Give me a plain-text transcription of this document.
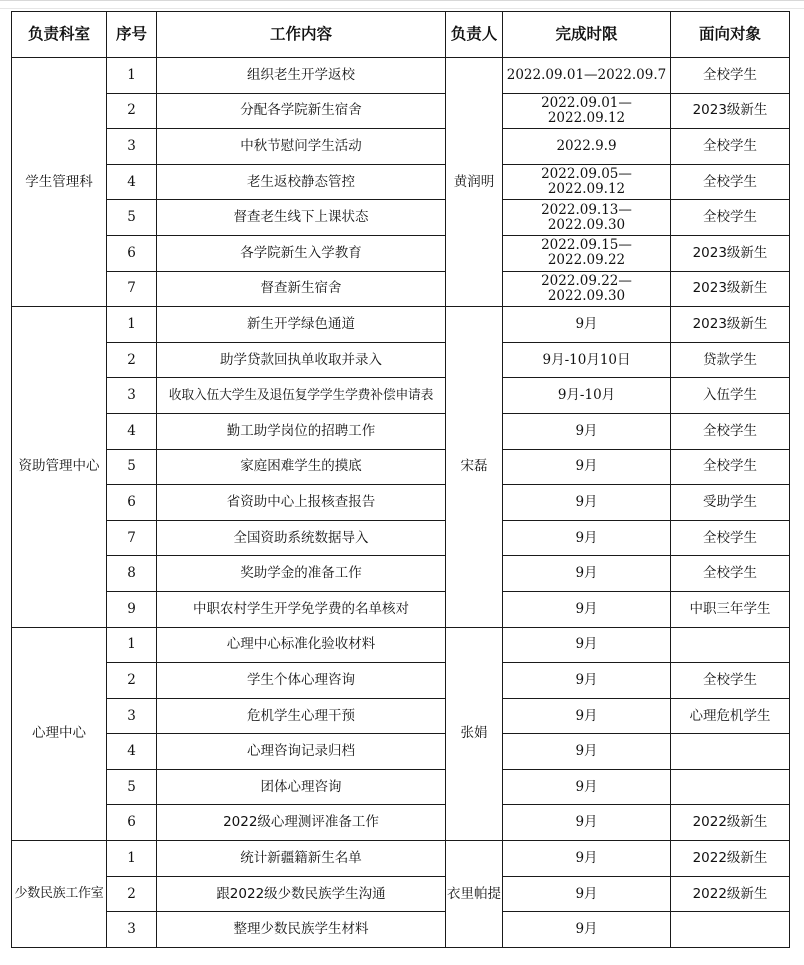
负责科室	序号	工作内容	负责人	完成时限	面向对象
学生管理科	1	组织老生开学返校	黄润明	2022.09.01—2022.09.7	全校学生
	2	分配各学院新生宿舍		2022.09.01—2022.09.12	2023级新生
	3	中秋节慰问学生活动		2022.9.9	全校学生
	4	老生返校静态管控		2022.09.05—2022.09.12	全校学生
	5	督查老生线下上课状态		2022.09.13—2022.09.30	全校学生
	6	各学院新生入学教育		2022.09.15—2022.09.22	2023级新生
	7	督查新生宿舍		2022.09.22—2022.09.30	2023级新生
资助管理中心	1	新生开学绿色通道	宋磊	9月	2023级新生
	2	助学贷款回执单收取并录入		9月-10月10日	贷款学生
	3	收取入伍大学生及退伍复学学生学费补偿申请表		9月-10月	入伍学生
	4	勤工助学岗位的招聘工作		9月	全校学生
	5	家庭困难学生的摸底		9月	全校学生
	6	省资助中心上报核查报告		9月	受助学生
	7	全国资助系统数据导入		9月	全校学生
	8	奖助学金的准备工作		9月	全校学生
	9	中职农村学生开学免学费的名单核对		9月	中职三年学生
心理中心	1	心理中心标准化验收材料	张娟	9月	
	2	学生个体心理咨询		9月	全校学生
	3	危机学生心理干预		9月	心理危机学生
	4	心理咨询记录归档		9月	
	5	团体心理咨询		9月	
	6	2022级心理测评准备工作		9月	2022级新生
少数民族工作室	1	统计新疆籍新生名单	衣里帕提	9月	2022级新生
	2	跟2022级少数民族学生沟通		9月	2022级新生
	3	整理少数民族学生材料		9月	
